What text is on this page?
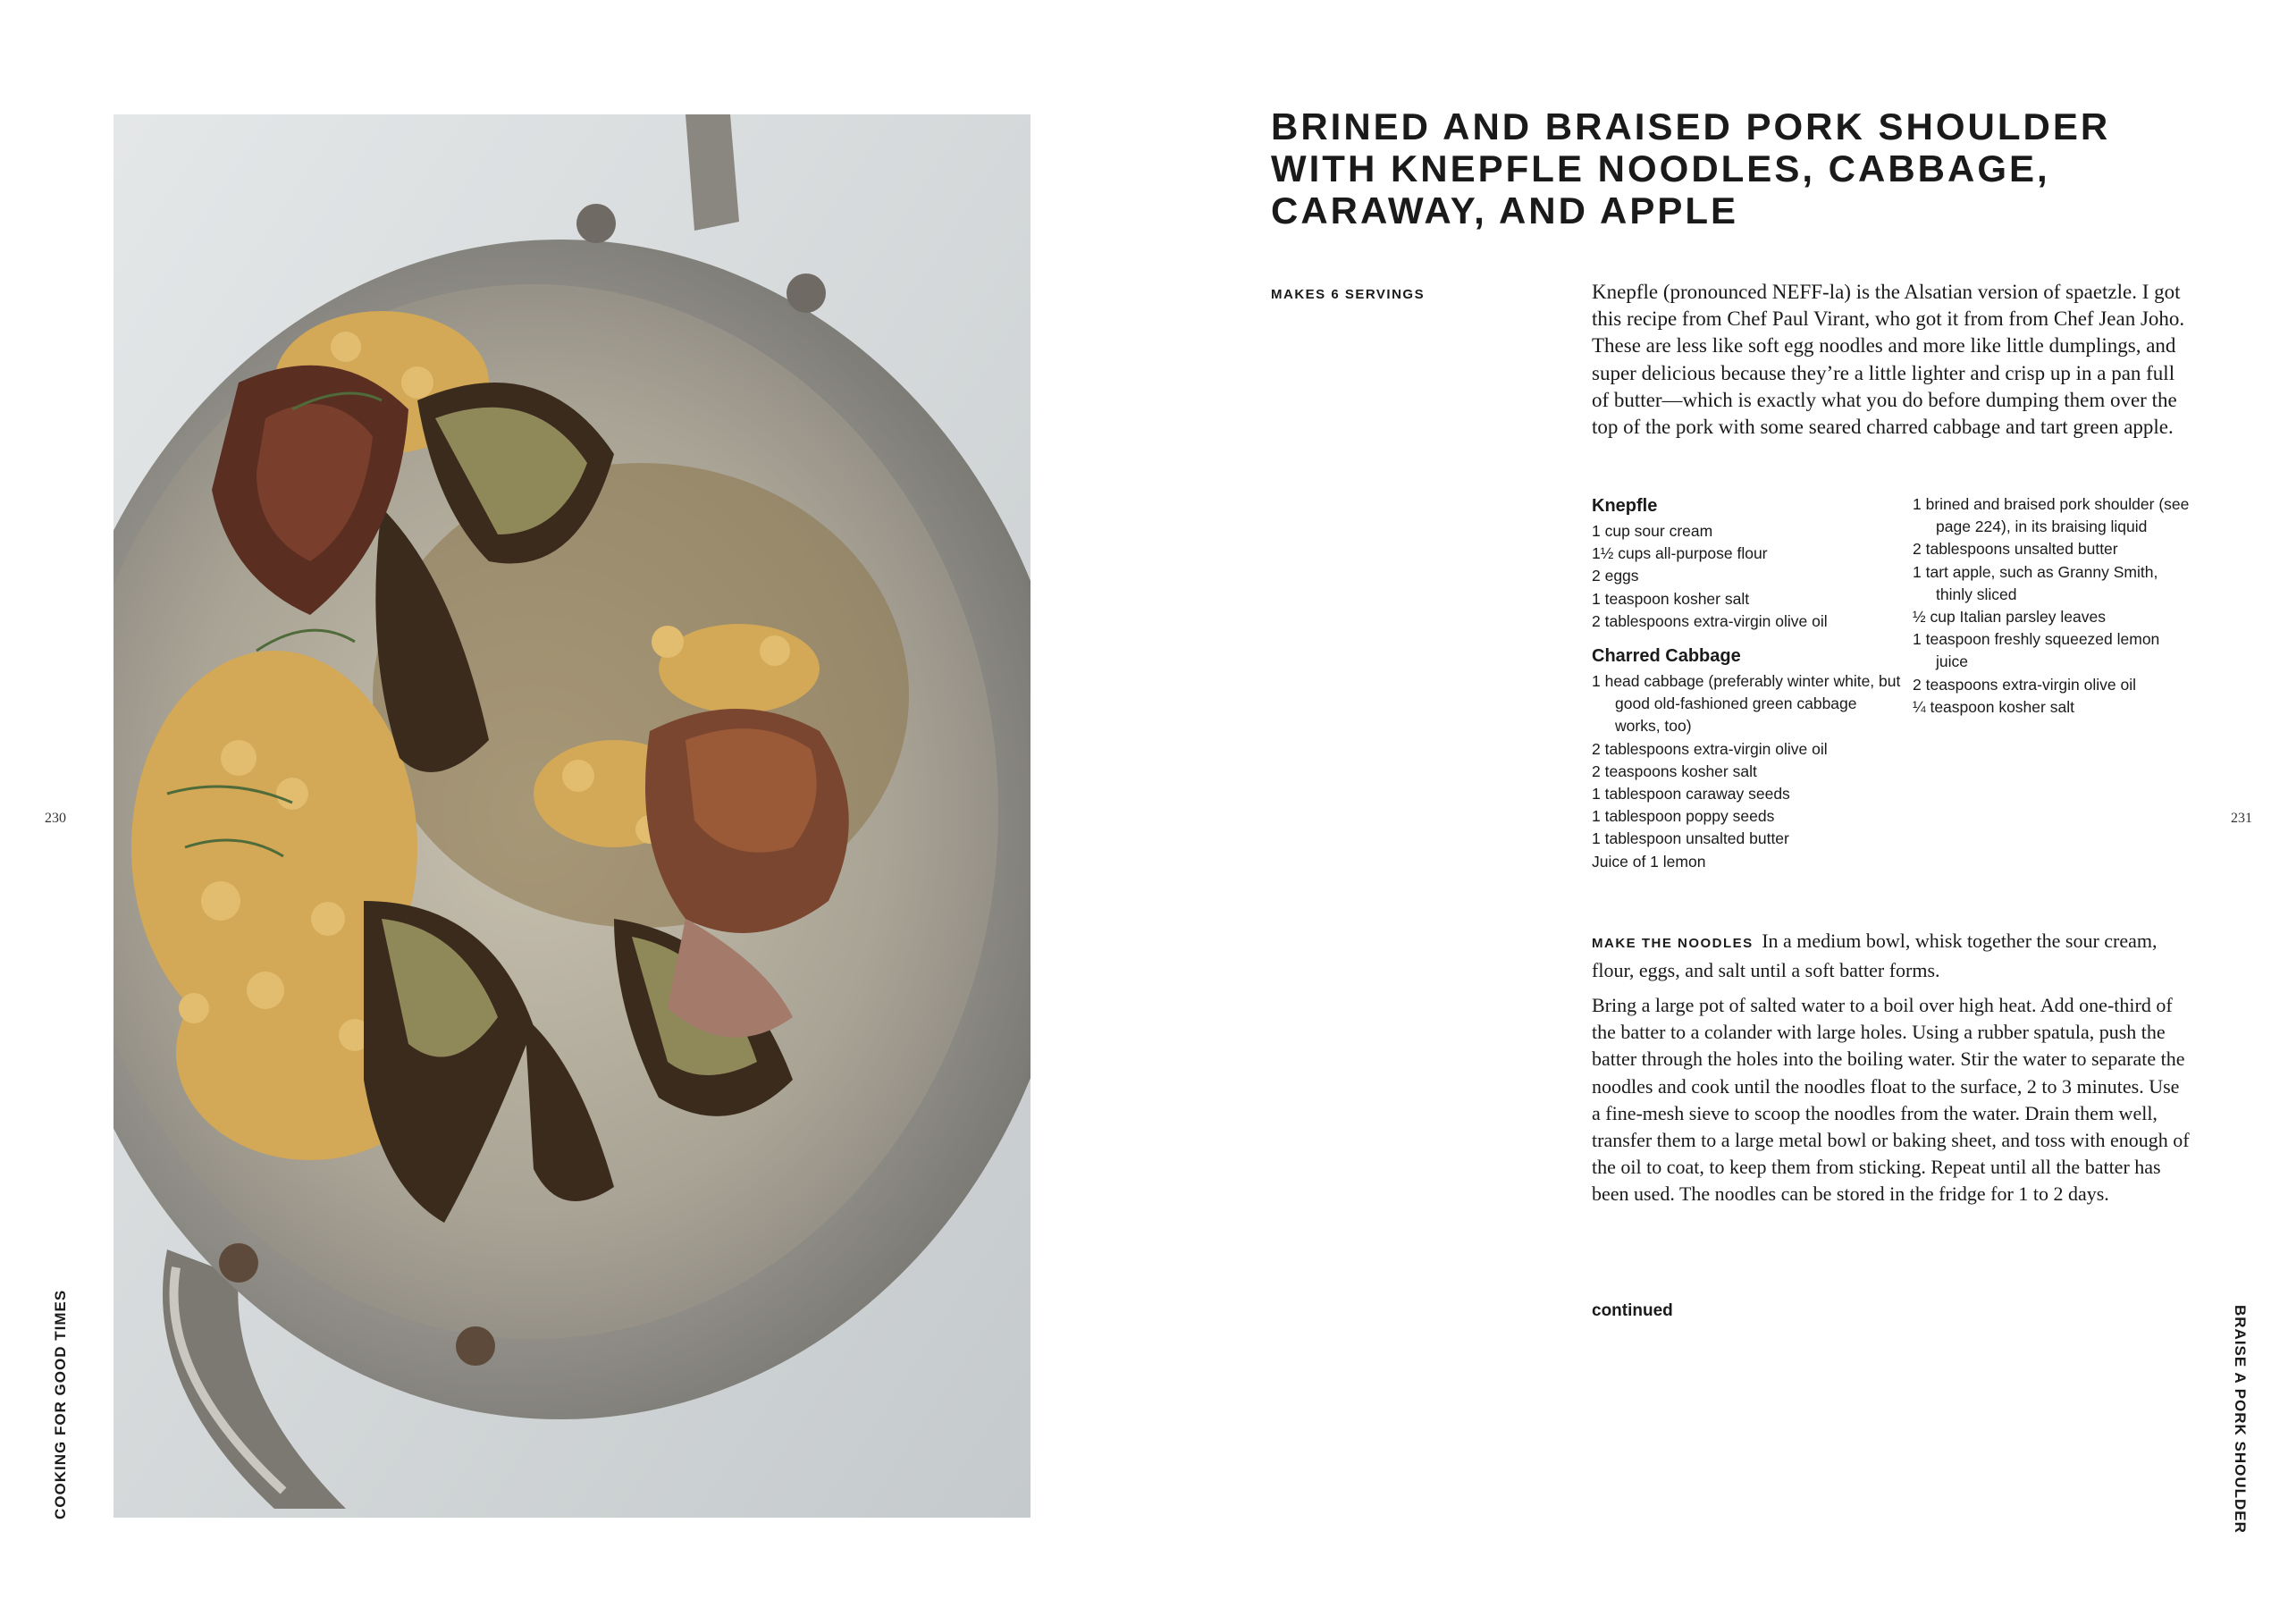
230
COOKING FOR GOOD TIMES
BRINED AND BRAISED PORK SHOULDER
WITH KNEPFLE NOODLES, CABBAGE,
CARAWAY, AND APPLE
MAKES 6 SERVINGS	Knepfle (pronounced NEFF-la) is the Alsatian version of spaetzle. I got this recipe from Chef Paul Virant, who got it from from Chef Jean Joho. These are less like soft egg noodles and more like little dumplings, and super delicious because they’re a little lighter and crisp up in a pan full of butter—which is exactly what you do before dumping them over the top of the pork with some seared charred cabbage and tart green apple.

Knepfle
1 cup sour cream
1½ cups all-purpose flour
2 eggs
1 teaspoon kosher salt
2 tablespoons extra-virgin olive oil
Charred Cabbage
1 head cabbage (preferably winter white, but good old-fashioned green cabbage works, too)
2 tablespoons extra-virgin olive oil
2 teaspoons kosher salt
1 tablespoon caraway seeds
1 tablespoon poppy seeds
1 tablespoon unsalted butter
Juice of 1 lemon
1 brined and braised pork shoulder (see page 224), in its braising liquid
2 tablespoons unsalted butter
1 tart apple, such as Granny Smith, thinly sliced
½ cup Italian parsley leaves
1 teaspoon freshly squeezed lemon juice
2 teaspoons extra-virgin olive oil
¼ teaspoon kosher salt

MAKE THE NOODLES In a medium bowl, whisk together the sour cream, flour, eggs, and salt until a soft batter forms.

Bring a large pot of salted water to a boil over high heat. Add one-third of the batter to a colander with large holes. Using a rubber spatula, push the batter through the holes into the boiling water. Stir the water to separate the noodles and cook until the noodles float to the surface, 2 to 3 minutes. Use a fine-mesh sieve to scoop the noodles from the water. Drain them well, transfer them to a large metal bowl or baking sheet, and toss with enough of the oil to coat, to keep them from sticking. Repeat until all the batter has been used. The noodles can be stored in the fridge for 1 to 2 days.

continued
231
BRAISE A PORK SHOULDER
